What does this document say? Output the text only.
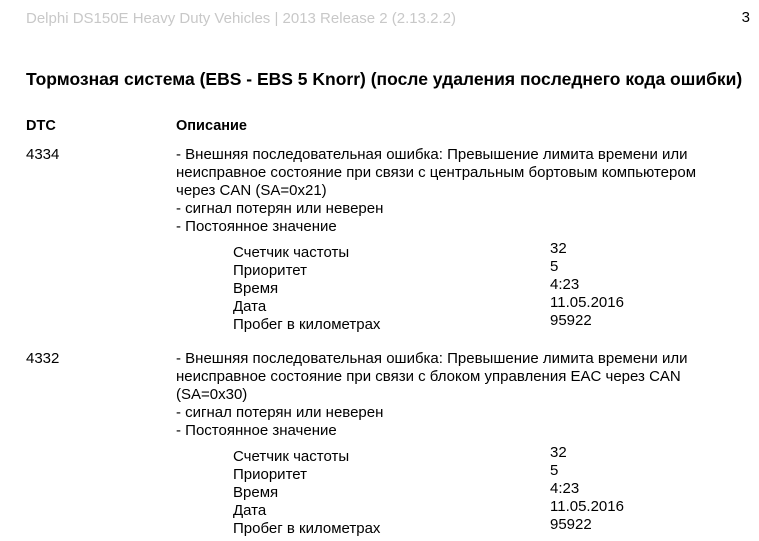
Delphi DS150E Heavy Duty Vehicles | 2013 Release 2 (2.13.2.2)	3
Тормозная система (EBS - EBS 5 Knorr) (после удаления последнего кода ошибки)
DTC	Описание
4334	- Внешняя последовательная ошибка: Превышение лимита времени или
неисправное состояние при связи с центральным бортовым компьютером
через CAN (SA=0x21)
- сигнал потерян или неверен
- Постоянное значение
Счетчик частоты	32
Приоритет	5
Время	4:23
Дата	11.05.2016
Пробег в километрах	95922
4332	- Внешняя последовательная ошибка: Превышение лимита времени или
неисправное состояние при связи с блоком управления EAC через CAN
(SA=0x30)
- сигнал потерян или неверен
- Постоянное значение
Счетчик частоты	32
Приоритет	5
Время	4:23
Дата	11.05.2016
Пробег в километрах	95922
